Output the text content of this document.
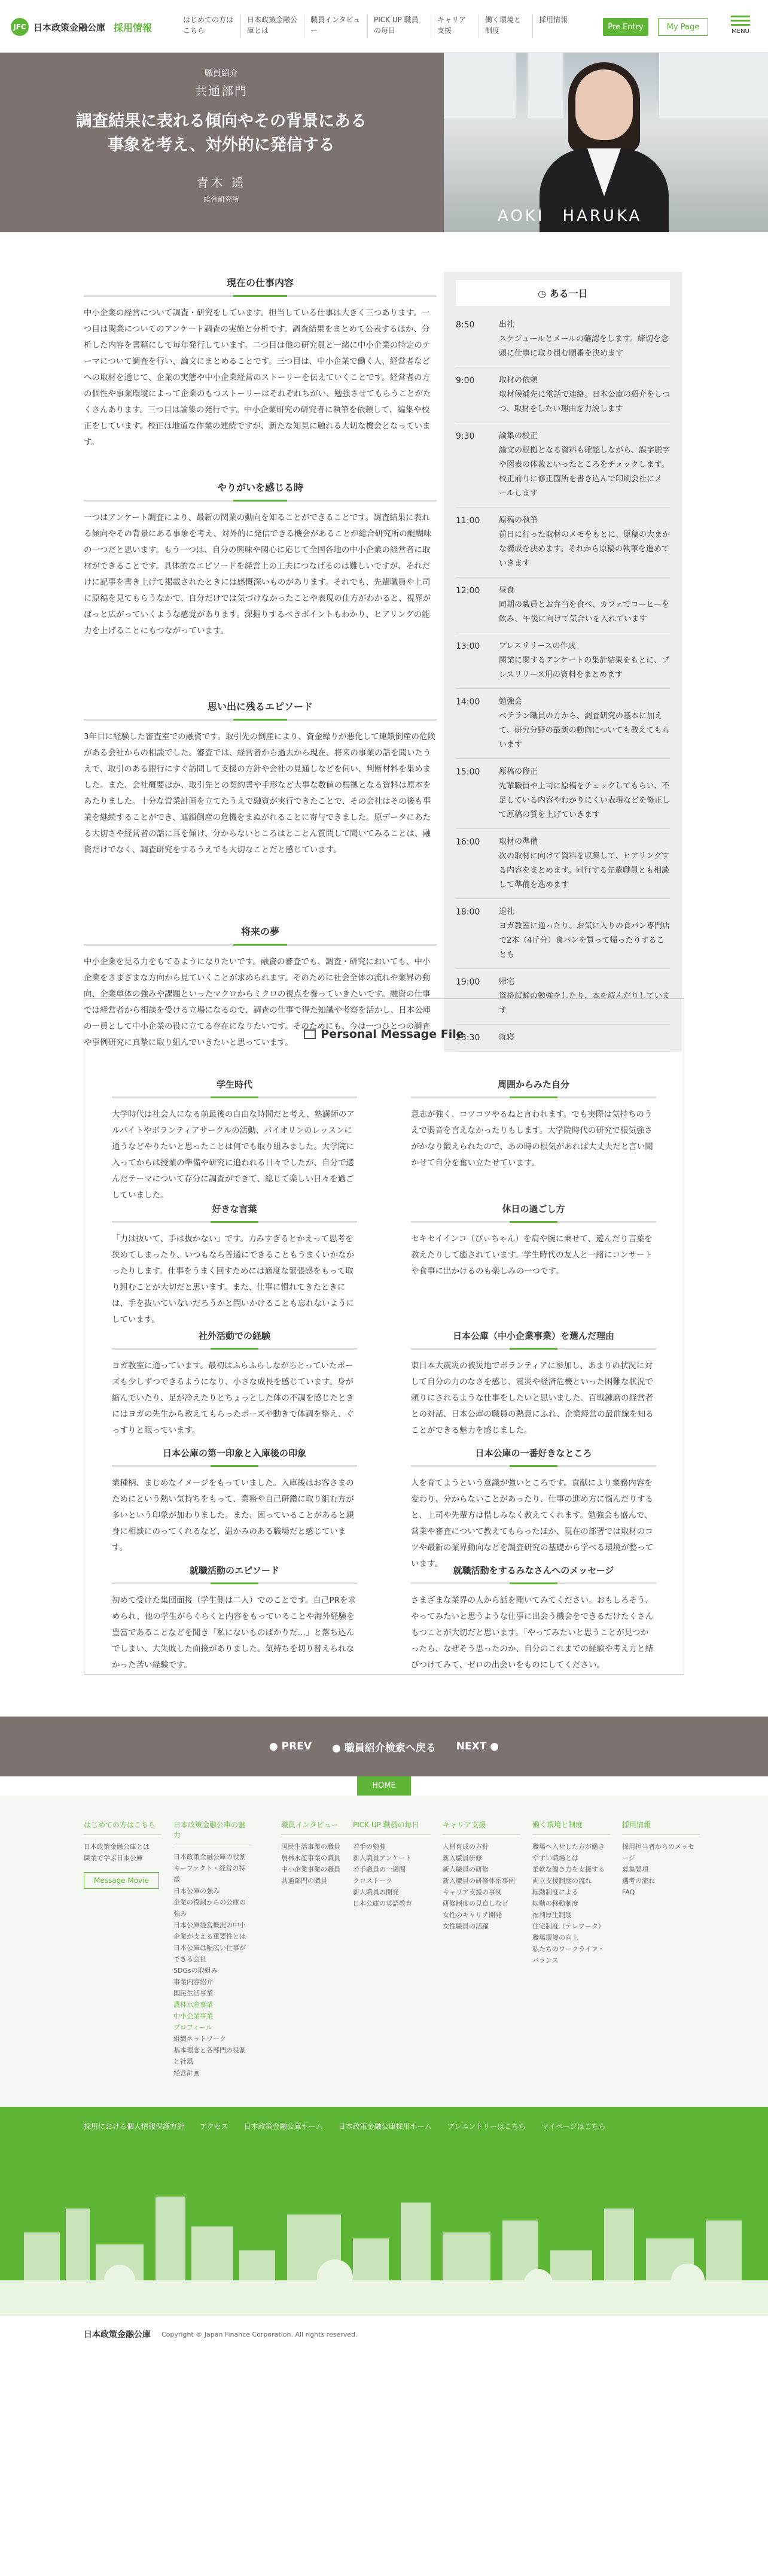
JFC 日本政策金融公庫 採用情報
はじめての方はこちら
日本政策金融公庫とは
職員インタビュー
PICK UP 職員の毎日
キャリア支援
働く環境と制度
採用情報
Pre Entry	My Page	MENU
職員紹介
共通部門
調査結果に表れる傾向やその背景にある
事象を考え、対外的に発信する
青木 遥
総合研究所
AOKI　HARUKA
現在の仕事内容
中小企業の経営について調査・研究をしています。担当している仕事は大きく三つあります。一つ目は関業についてのアンケート調査の実施と分析です。調査結果をまとめて公表するほか、分析した内容を書籍にして毎年発行しています。二つ目は他の研究員と一緒に中小企業の特定のテーマについて調査を行い、論文にまとめることです。三つ目は、中小企業で働く人、経営者などへの取材を通じて、企業の実態や中小企業経営のストーリーを伝えていくことです。経営者の方の個性や事業環境によって企業のもつストーリーはそれぞれちがい、勉強させてもらうことがたくさんあります。三つ目は論集の発行です。中小企業研究の研究者に執筆を依頼して、編集や校正をしています。校正は地道な作業の連続ですが、新たな知見に触れる大切な機会となっています。
やりがいを感じる時
一つはアンケート調査により、最新の関業の動向を知ることができることです。調査結果に表れる傾向やその背景にある事象を考え、対外的に発信できる機会があることが総合研究所の醍醐味の一つだと思います。もう一つは、自分の興味や関心に応じて全国各地の中小企業の経営者に取材ができることです。具体的なエピソードを経営上の工夫につなげるのは難しいですが、それだけに記事を書き上げて掲載されたときには感慨深いものがあります。それでも、先輩職員や上司に原稿を見てもらうなかで、自分だけでは気づけなかったことや表現の仕方がわかると、視界がぱっと広がっていくような感覚があります。深掘りするべきポイントもわかり、ヒアリングの能力を上げることにもつながっています。
思い出に残るエピソード
3年目に経験した審査室での融資です。取引先の倒産により、資金繰りが悪化して連鎖倒産の危険がある会社からの相談でした。審査では、経営者から過去から現在、将来の事業の話を聞いたうえで、取引のある銀行にすぐ訪問して支援の方針や会社の見通しなどを伺い、判断材料を集めました。また、会社概要ほか、取引先との契約書や手形など大事な数値の根拠となる資料は原本をあたりました。十分な営業計画を立てたうえで融資が実行できたことで、その会社はその後も事業を継続することができ、連鎖倒産の危機をまぬがれることに寄与できました。原データにあたる大切さや経営者の話に耳を傾け、分からないところはとことん質問して聞いてみることは、融資だけでなく、調査研究をするうえでも大切なことだと感じています。
将来の夢
中小企業を見る力をもてるようになりたいです。融資の審査でも、調査・研究においても、中小企業をさまざまな方向から見ていくことが求められます。そのために社会全体の流れや業界の動向、企業単体の強みや課題といったマクロからミクロの視点を養っていきたいです。融資の仕事では経営者から相談を受ける立場になるので、調査の仕事で得た知識や考察を活かし、日本公庫の一員として中小企業の役に立てる存在になりたいです。そのためにも、今は一つひとつの調査や事例研究に真摯に取り組んでいきたいと思っています。
◷ ある一日
8:50	出社
スケジュールとメールの確認をします。締切を念頭に仕事に取り組む順番を決めます
9:00	取材の依頼
取材候補先に電話で連絡。日本公庫の紹介をしつつ、取材をしたい理由を力説します
9:30	論集の校正
論文の根拠となる資料も確認しながら、誤字脱字や図表の体裁といったところをチェックします。
校正前りに修正箇所を書き込んで印刷会社にメールします
11:00	原稿の執筆
前日に行った取材のメモをもとに、原稿の大まかな構成を決めます。それから原稿の執筆を進めていきます
12:00	昼食
同期の職員とお弁当を食べ、カフェでコーヒーを飲み、午後に向けて気合いを入れています
13:00	プレスリリースの作成
関業に関するアンケートの集計結果をもとに、プレスリリース用の資料をまとめます
14:00	勉強会
ベテラン職員の方から、調査研究の基本に加えて、研究分野の最新の動向についても教えてもらいます
15:00	原稿の修正
先輩職員や上司に原稿をチェックしてもらい、不足している内容やわかりにくい表現などを修正して原稿の質を上げていきます
16:00	取材の準備
次の取材に向けて資料を収集して、ヒアリングする内容をまとめます。同行する先輩職員とも相談して準備を進めます
18:00	退社
ヨガ教室に通ったり、お気に入りの食パン専門店で2本（4斤分）食パンを買って帰ったりすることも
19:00	帰宅
資格試験の勉強をしたり、本を読んだりしています
23:30	就寝
Personal Message File
学生時代
大学時代は社会人になる前最後の自由な時間だと考え、塾講師のアルバイトやボランティアサークルの活動、バイオリンのレッスンに通うなどやりたいと思ったことは何でも取り組みました。大学院に入ってからは授業の準備や研究に追われる日々でしたが、自分で選んだテーマについて存分に調査ができて、総じて楽しい日々を過ごしていました。
周囲からみた自分
意志が強く、コツコツやるねと言われます。でも実際は気持ちのうえで弱音を言えなかったりもします。大学院時代の研究で根気強さがかなり鍛えられたので、あの時の根気があれば大丈夫だと言い聞かせて自分を奮い立たせています。
好きな言葉
「力は抜いて、手は抜かない」です。力みすぎるとかえって思考を狭めてしまったり、いつもなら普通にできることもうまくいかなかったりします。仕事をうまく回すためには適度な緊張感をもって取り組むことが大切だと思います。また、仕事に慣れてきたときには、手を抜いていないだろうかと問いかけることも忘れないようにしています。
休日の過ごし方
セキセイインコ（ぴぃちゃん）を肩や腕に乗せて、遊んだり言葉を教えたりして癒されています。学生時代の友人と一緒にコンサートや食事に出かけるのも楽しみの一つです。
社外活動での経験
ヨガ教室に通っています。最初はふらふらしながらとっていたポーズも少しずつできるようになり、小さな成長を感じています。身が縮んでいたり、足が冷えたりとちょっとした体の不調を感じたときにはヨガの先生から教えてもらったポーズや動きで体調を整え、ぐっすりと眠っています。
日本公庫（中小企業事業）を選んだ理由
東日本大震災の被災地でボランティアに参加し、あまりの状況に対して自分の力のなさを感じ、震災や経済危機といった困難な状況で頼りにされるような仕事をしたいと思いました。百戦錬磨の経営者との対話、日本公庫の職員の熱意にふれ、企業経営の最前線を知ることができる魅力を感じました。
日本公庫の第一印象と入庫後の印象
業種柄、まじめなイメージをもっていました。入庫後はお客さまのためにという熱い気持ちをもって、業務や自己研鑽に取り組む方が多いという印象が加わりました。また、困っていることがあると親身に相談にのってくれるなど、温かみのある職場だと感じています。
日本公庫の一番好きなところ
人を育てようという意識が強いところです。貢献により業務内容を変わり、分からないことがあったり、仕事の進め方に悩んだりすると、上司や先輩方は惜しみなく教えてくれます。勉強会も盛んで、営業や審査について教えてもらったほか、現在の部署では取材のコツや最新の業界動向などを調査研究の基礎から学べる環境が整っています。
就職活動のエピソード
初めて受けた集団面接（学生側は二人）でのことです。自己PRを求められ、他の学生がらくらくと内容をもっていることや海外経験を豊富であることなどを聞き「私にないものばかりだ…」と落ち込んでしまい、大失敗した面接がありました。気持ちを切り替えられなかった苦い経験です。
就職活動をするみなさんへのメッセージ
さまざまな業界の人から話を聞いてみてください。おもしろそう、やってみたいと思うような仕事に出会う機会をできるだけたくさんもつことが大切だと思います。「やってみたいと思うことが見つかったら、なぜそう思ったのか、自分のこれまでの経験や考え方と結びつけてみて、ゼロの出会いをものにしてください。
● PREV ● 職員紹介検索へ戻る NEXT ●
HOME
はじめての方はこちら
日本政策金融公庫とは
職業で学ぶ日本公庫
Message Movie
日本政策金融公庫の魅力
日本政策金融公庫の役割
キーファクト・経営の特徴
日本公庫の強み
企業の役割からの公庫の強み
日本公庫経営概況の中小企業が支える重要性とは
日本公庫は幅広い仕事ができる会社
SDGsの取組み
事業内容紹介
国民生活事業
農林水産事業
中小企業事業
プロフィール
組織ネットワーク
基本理念と各部門の役割と社風
経営計画
職員インタビュー
国民生活事業の職員
農林水産事業の職員
中小企業事業の職員
共通部門の職員
PICK UP 職員の毎日
若手の勉強
新人職員アンケート
若手職員の一週間
クロストーク
新人職員の開発
日本公庫の英語教育
キャリア支援
人材育成の方針
新入職員研修
新人職員の研修
新入職員の研修体系事例
キャリア支援の事例
研修制度の見直しなど
女性のキャリア開発
女性職員の活躍
働く環境と制度
職場へ入社した方が働きやすい職場とは
柔軟な働き方を支援する
両立支援制度の流れ
転勤制度による
転勤の移動制度
福利厚生制度
住宅制度（テレワーク）
職場環境の向上
私たちのワークライフ・バランス
採用情報
採用担当者からのメッセージ
募集要項
選考の流れ
FAQ
採用における個人情報保護方針 アクセス 日本政策金融公庫ホーム 日本政策金融公庫採用ホーム プレエントリーはこちら マイページはこちら
日本政策金融公庫 Copyright © Japan Finance Corporation. All rights reserved.
